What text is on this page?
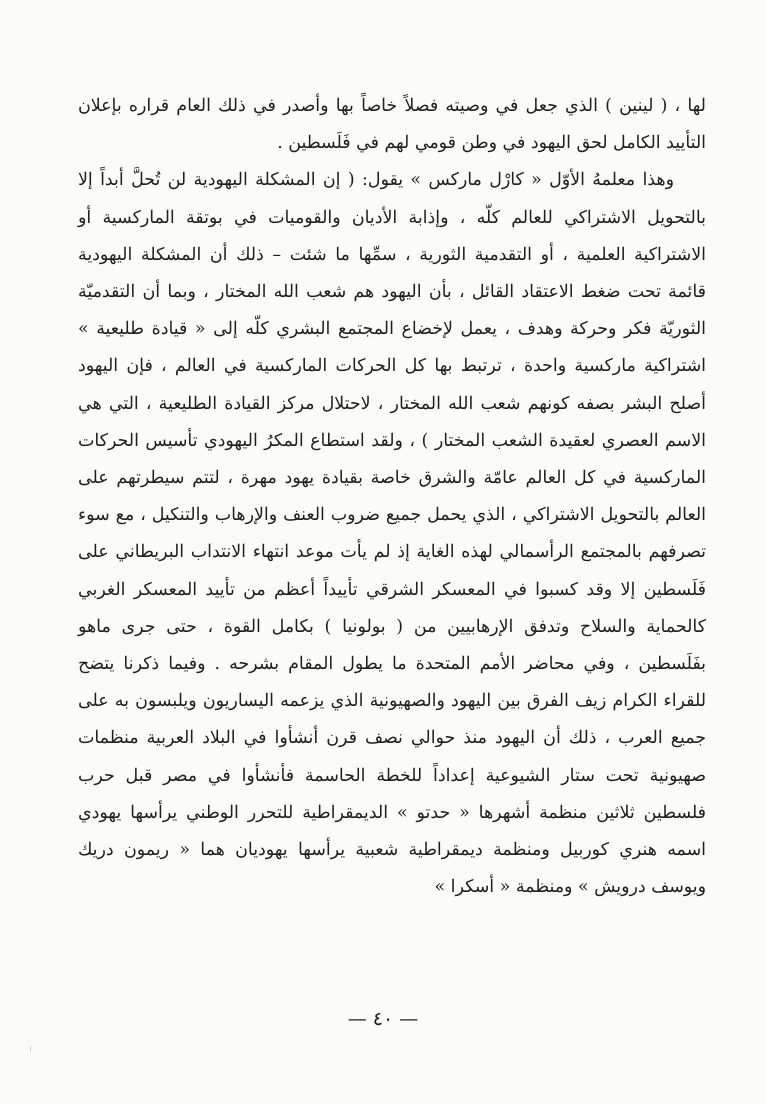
لها ، ( لينين ) الذي جعل في وصيته فصلاً خاصاً بها وأصدر في ذلك العام قراره بإعلان التأييد الكامل لحق اليهود في وطن قومي لهم في فَلَسطين .

وهذا معلمهُ الأوّل « كارْل ماركس » يقول: ( إن المشكلة اليهودية لن تُحلَّ أبداً إلا بالتحويل الاشتراكي للعالم كلّه ، وإذابة الأديان والقوميات في بوتقة الماركسية أو الاشتراكية العلمية ، أو التقدمية الثورية ، سمِّها ما شئت – ذلك أن المشكلة اليهودية قائمة تحت ضغط الاعتقاد القائل ، بأن اليهود هم شعب الله المختار ، وبما أن التقدميّة الثوريّة فكر وحركة وهدف ، يعمل لإخضاع المجتمع البشري كلّه إلى « قيادة طليعية » اشتراكية ماركسية واحدة ، ترتبط بها كل الحركات الماركسية في العالم ، فإن اليهود أصلح البشر بصفه كونهم شعب الله المختار ، لاحتلال مركز القيادة الطليعية ، التي هي الاسم العصري لعقيدة الشعب المختار ) ، ولقد استطاع المكرُ اليهودي تأسيس الحركات الماركسية في كل العالم عامّة والشرق خاصة بقيادة يهود مهرة ، لتتم سيطرتهم على العالم بالتحويل الاشتراكي ، الذي يحمل جميع ضروب العنف والإرهاب والتنكيل ، مع سوء تصرفهم بالمجتمع الرأسمالي لهذه الغاية إذ لم يأت موعد انتهاء الانتداب البريطاني على فَلَسطين إلا وقد كسبوا في المعسكر الشرقي تأييداً أعظم من تأييد المعسكر الغربي كالحماية والسلاح وتدفق الإرهابيين من ( بولونيا ) بكامل القوة ، حتى جرى ماهو بفَلَسطين ، وفي محاضر الأمم المتحدة ما يطول المقام بشرحه . وفيما ذكرنا يتضح للقراء الكرام زيف الفرق بين اليهود والصهيونية الذي يزعمه اليساريون ويلبسون به على جميع العرب ، ذلك أن اليهود منذ حوالي نصف قرن أنشأوا في البلاد العربية منظمات صهيونية تحت ستار الشيوعية إعداداً للخطة الحاسمة فأنشأوا في مصر قبل حرب فلسطين ثلاثين منظمة أشهرها « حدتو » الديمقراطية للتحرر الوطني يرأسها يهودي اسمه هنري كوربيل ومنظمة ديمقراطية شعبية يرأسها يهوديان هما « ريمون دريك ويوسف درويش » ومنظمة « أسكرا »

— ٤٠ —
